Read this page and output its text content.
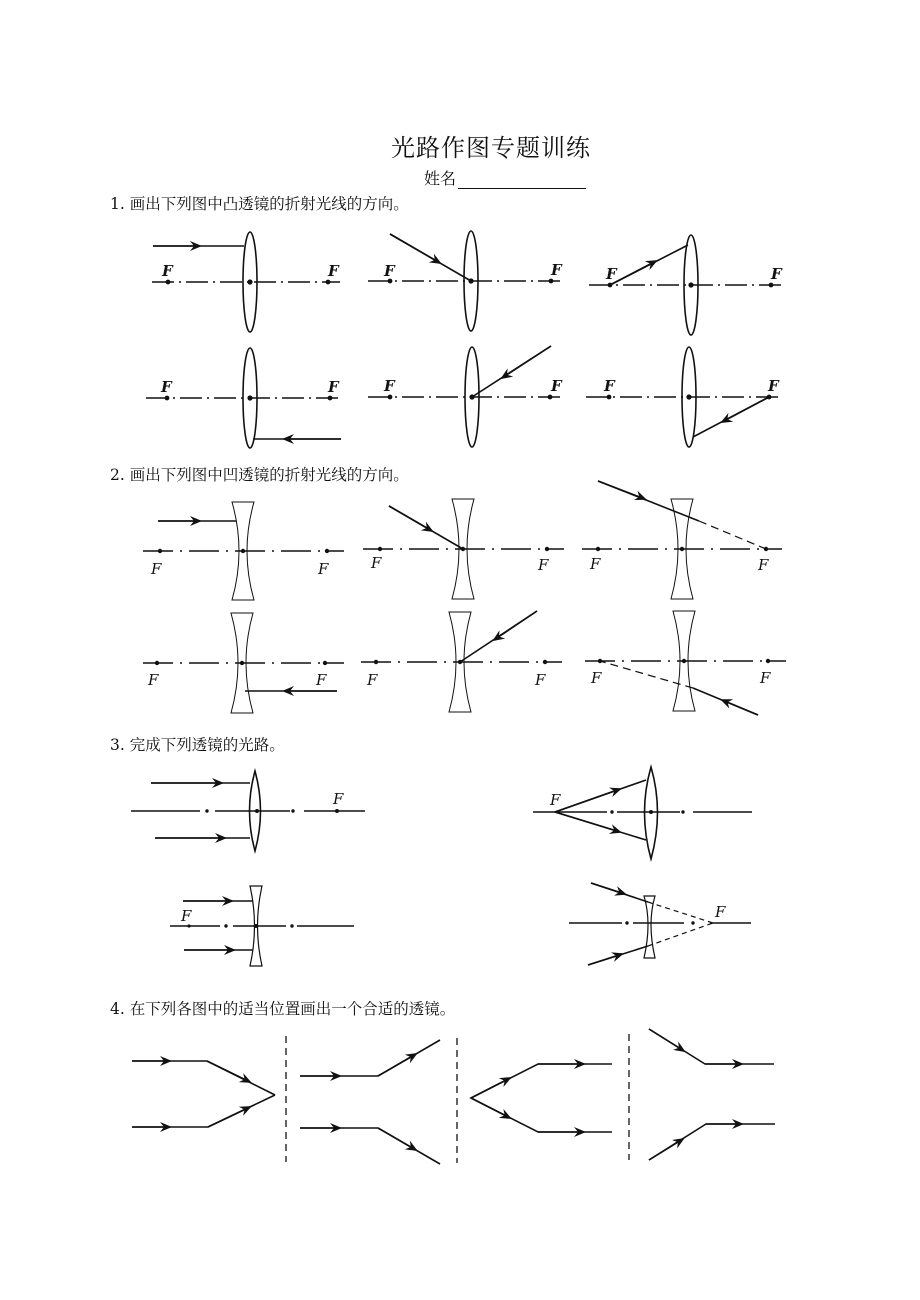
光路作图专题训练
姓名
1. 画出下列图中凸透镜的折射光线的方向。
2. 画出下列图中凹透镜的折射光线的方向。
3. 完成下列透镜的光路。
4. 在下列各图中的适当位置画出一个合适的透镜。
F	F	F	F	F	F
F	F	F	F	F	F
F	F	F	F	F	F
F	F	F	F	F	F
F	F
F	F
